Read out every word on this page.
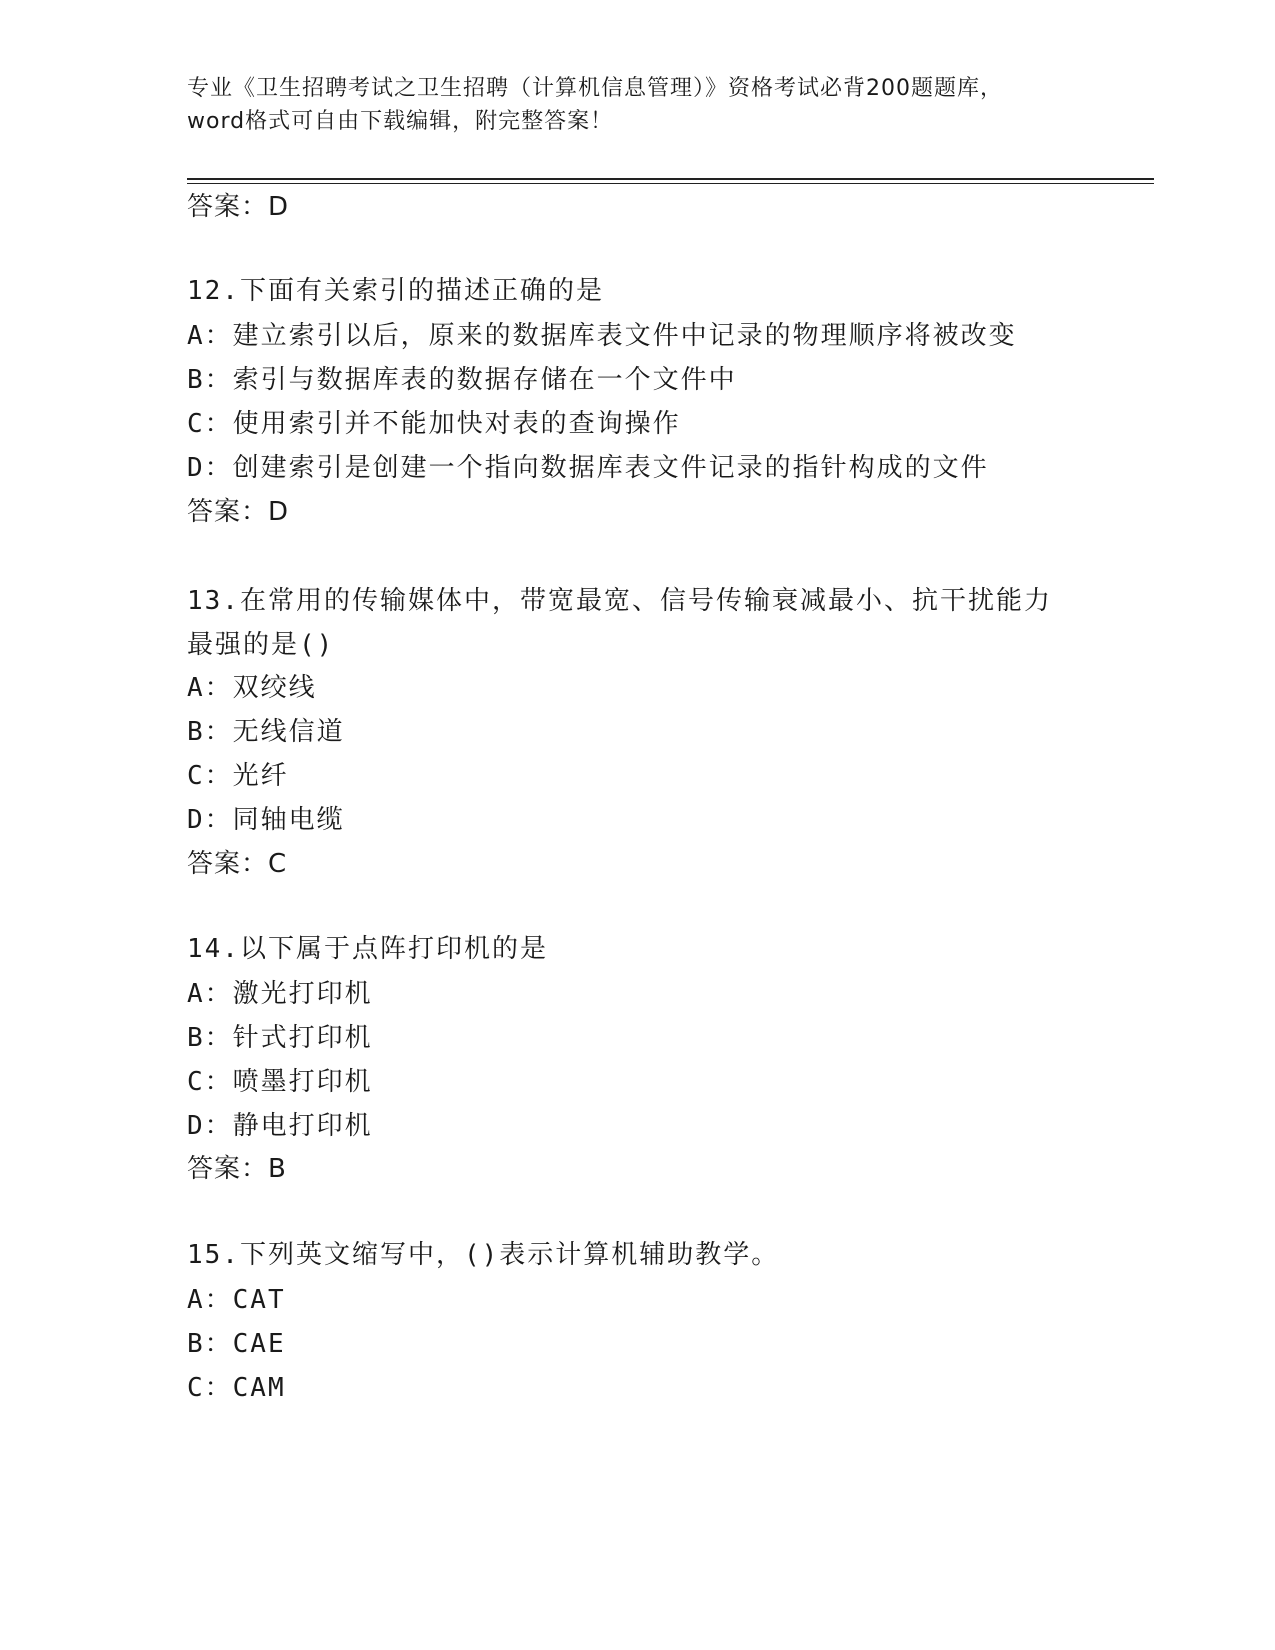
专业《卫生招聘考试之卫生招聘（计算机信息管理）》资格考试必背200题题库，
word格式可自由下载编辑，附完整答案！
答案：D
12.下面有关索引的描述正确的是
A：建立索引以后，原来的数据库表文件中记录的物理顺序将被改变
B：索引与数据库表的数据存储在一个文件中
C：使用索引并不能加快对表的查询操作
D：创建索引是创建一个指向数据库表文件记录的指针构成的文件
答案：D
13.在常用的传输媒体中，带宽最宽、信号传输衰减最小、抗干扰能力
最强的是()
A：双绞线
B：无线信道
C：光纤
D：同轴电缆
答案：C
14.以下属于点阵打印机的是
A：激光打印机
B：针式打印机
C：喷墨打印机
D：静电打印机
答案：B
15.下列英文缩写中，()表示计算机辅助教学。
A：CAT
B：CAE
C：CAM
